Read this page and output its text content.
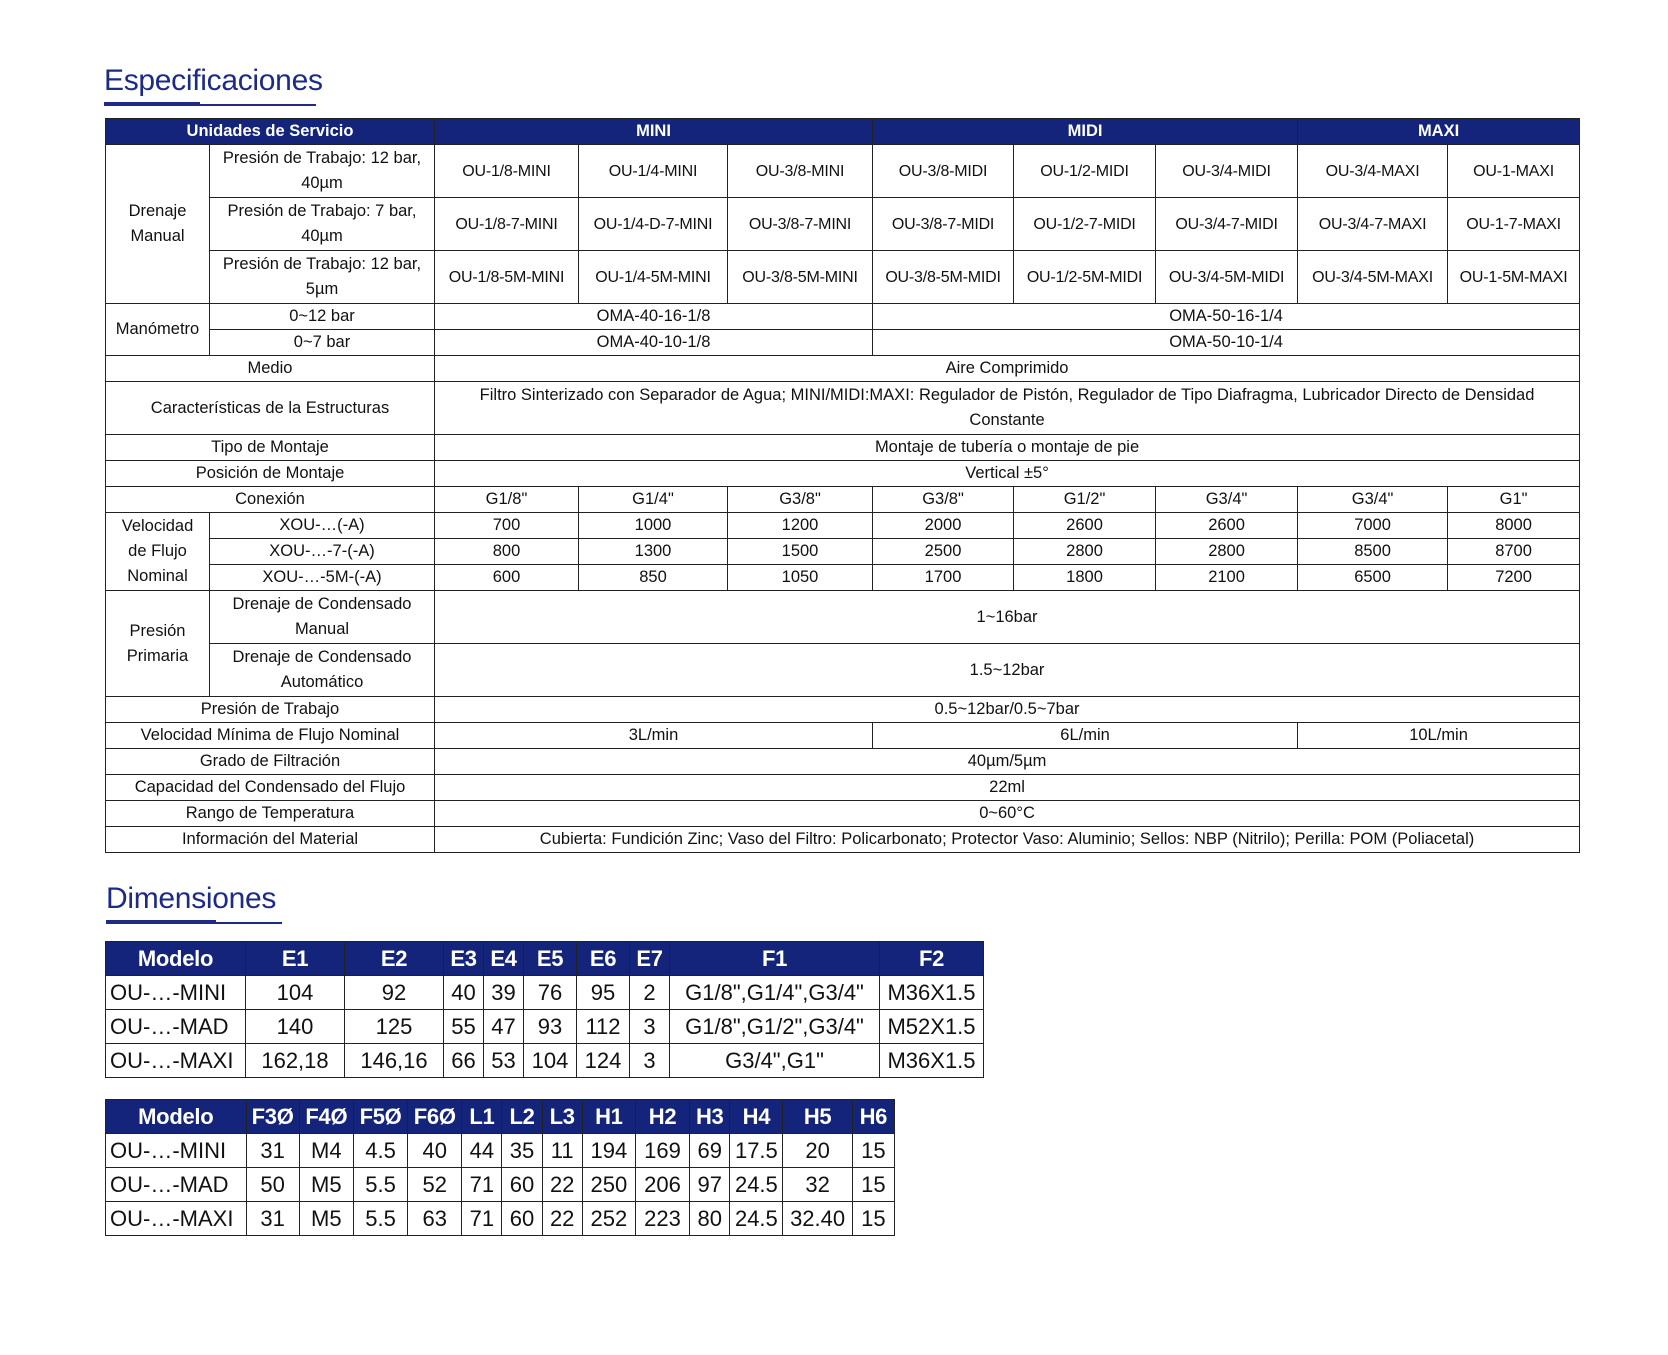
Especificaciones
Unidades de Servicio		MINI			MIDI			MAXI	
Drenaje Manual	Presión de Trabajo: 12 bar, 40µm	OU-1/8-MINI	OU-1/4-MINI	OU-3/8-MINI	OU-3/8-MIDI	OU-1/2-MIDI	OU-3/4-MIDI	OU-3/4-MAXI	OU-1-MAXI
	Presión de Trabajo: 7 bar, 40µm	OU-1/8-7-MINI	OU-1/4-D-7-MINI	OU-3/8-7-MINI	OU-3/8-7-MIDI	OU-1/2-7-MIDI	OU-3/4-7-MIDI	OU-3/4-7-MAXI	OU-1-7-MAXI
	Presión de Trabajo: 12 bar, 5µm	OU-1/8-5M-MINI	OU-1/4-5M-MINI	OU-3/8-5M-MINI	OU-3/8-5M-MIDI	OU-1/2-5M-MIDI	OU-3/4-5M-MIDI	OU-3/4-5M-MAXI	OU-1-5M-MAXI
Manómetro	0~12 bar	OMA-40-16-1/8			OMA-50-16-1/4				
	0~7 bar	OMA-40-10-1/8			OMA-50-10-1/4				
Medio		Aire Comprimido							
Características de la Estructuras		Filtro Sinterizado con Separador de Agua; MINI/MIDI:MAXI: Regulador de Pistón, Regulador de Tipo Diafragma, Lubricador Directo de Densidad Constante							
Tipo de Montaje		Montaje de tubería o montaje de pie							
Posición de Montaje		Vertical ±5°							
Conexión		G1/8"	G1/4"	G3/8"	G3/8"	G1/2"	G3/4"	G3/4"	G1"
Velocidad de Flujo Nominal	XOU-…(-A)	700	1000	1200	2000	2600	2600	7000	8000
	XOU-…-7-(-A)	800	1300	1500	2500	2800	2800	8500	8700
	XOU-…-5M-(-A)	600	850	1050	1700	1800	2100	6500	7200
Presión Primaria	Drenaje de Condensado Manual	1~16bar							
	Drenaje de Condensado Automático	1.5~12bar							
Presión de Trabajo		0.5~12bar/0.5~7bar							
Velocidad Mínima de Flujo Nominal		3L/min			6L/min			10L/min	
Grado de Filtración		40µm/5µm							
Capacidad del Condensado del Flujo		22ml							
Rango de Temperatura		0~60°C							
Información del Material		Cubierta: Fundición Zinc; Vaso del Filtro: Policarbonato; Protector Vaso: Aluminio; Sellos: NBP (Nitrilo); Perilla: POM (Poliacetal)							
Dimensiones
Modelo	E1	E2	E3	E4	E5	E6	E7	F1	F2
OU-…-MINI	104	92	40	39	76	95	2	G1/8",G1/4",G3/4"	M36X1.5
OU-…-MAD	140	125	55	47	93	112	3	G1/8",G1/2",G3/4"	M52X1.5
OU-…-MAXI	162,18	146,16	66	53	104	124	3	G3/4",G1"	M36X1.5
Modelo	F3Ø	F4Ø	F5Ø	F6Ø	L1	L2	L3	H1	H2	H3	H4	H5	H6
OU-…-MINI	31	M4	4.5	40	44	35	11	194	169	69	17.5	20	15
OU-…-MAD	50	M5	5.5	52	71	60	22	250	206	97	24.5	32	15
OU-…-MAXI	31	M5	5.5	63	71	60	22	252	223	80	24.5	32.40	15
